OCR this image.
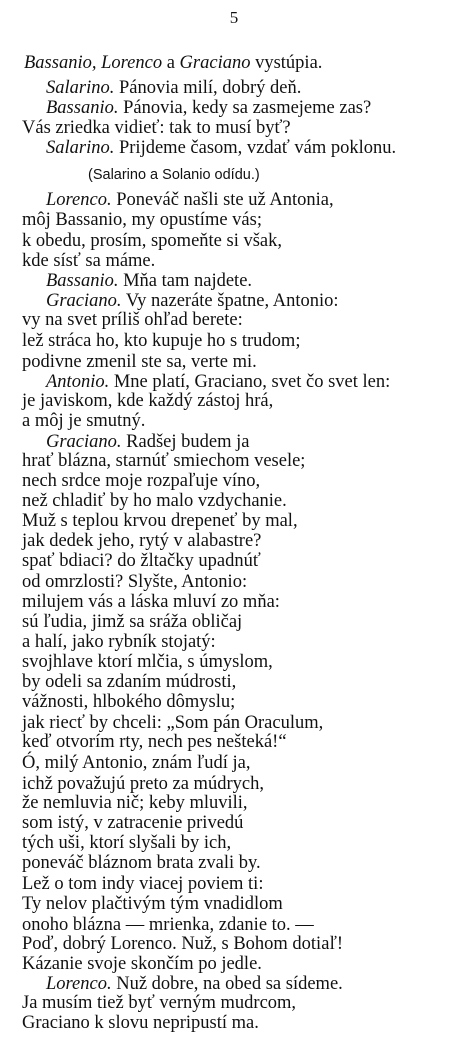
5
Bassanio, Lorenco a Graciano vystúpia.
Salarino. Pánovia milí, dobrý deň.
Bassanio. Pánovia, kedy sa zasmejeme zas?
Vás zriedka vidieť: tak to musí byť?
Salarino. Prijdeme časom, vzdať vám poklonu.
(Salarino a Solanio odídu.)
Lorenco. Poneváč našli ste už Antonia,
môj Bassanio, my opustíme vás;
k obedu, prosím, spomeňte si však,
kde sísť sa máme.
Bassanio. Mňa tam najdete.
Graciano. Vy nazeráte špatne, Antonio:
vy na svet príliš ohľad berete:
lež stráca ho, kto kupuje ho s trudom;
podivne zmenil ste sa, verte mi.
Antonio. Mne platí, Graciano, svet čo svet len:
je javiskom, kde každý zástoj hrá,
a môj je smutný.
Graciano. Radšej budem ja
hrať blázna, starnúť smiechom vesele;
nech srdce moje rozpaľuje víno,
než chladiť by ho malo vzdychanie.
Muž s teplou krvou drepeneť by mal,
jak dedek jeho, rytý v alabastre?
spať bdiaci? do žltačky upadnúť
od omrzlosti? Slyšte, Antonio:
milujem vás a láska mluví zo mňa:
sú ľudia, jimž sa sráža obličaj
a halí, jako rybník stojatý:
svojhlave ktorí mlčia, s úmyslom,
by odeli sa zdaním múdrosti,
vážnosti, hlbokého dômyslu;
jak riecť by chceli: „Som pán Oraculum,
keď otvorím rty, nech pes nešteká!“
Ó, milý Antonio, znám ľudí ja,
ichž považujú preto za múdrych,
že nemluvia nič; keby mluvili,
som istý, v zatracenie privedú
tých uši, ktorí slyšali by ich,
poneváč bláznom brata zvali by.
Lež o tom indy viacej poviem ti:
Ty nelov plačtivým tým vnadidlom
onoho blázna — mrienka, zdanie to. —
Poď, dobrý Lorenco. Nuž, s Bohom dotiaľ!
Kázanie svoje skončím po jedle.
Lorenco. Nuž dobre, na obed sa sídeme.
Ja musím tiež byť verným mudrcom,
Graciano k slovu nepripustí ma.
